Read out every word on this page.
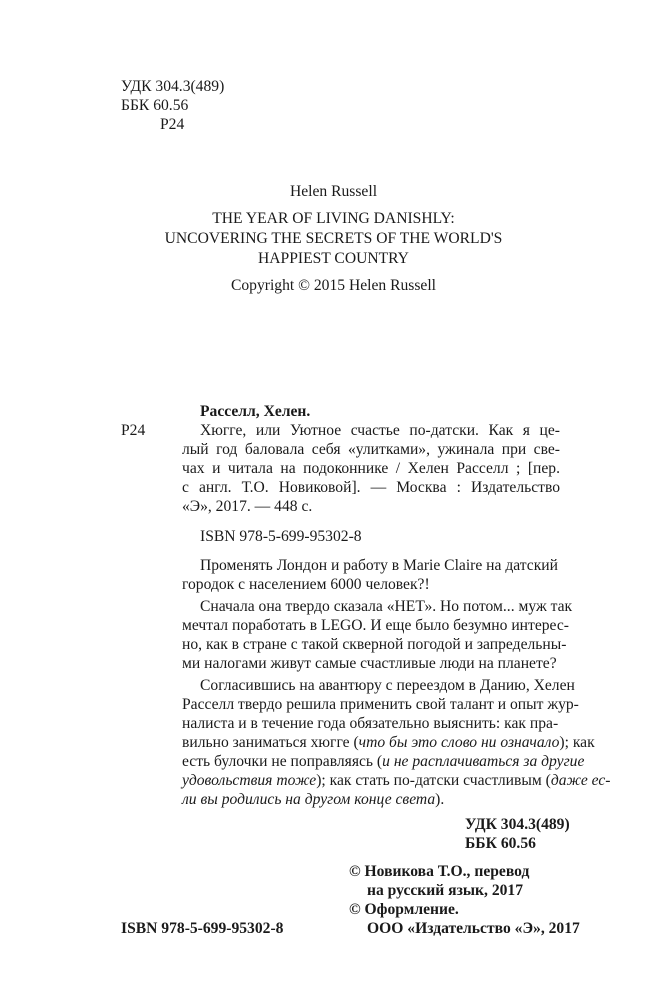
УДК 304.3(489)
ББК 60.56
Р24
Helen Russell
THE YEAR OF LIVING DANISHLY:
UNCOVERING THE SECRETS OF THE WORLD'S
HAPPIEST COUNTRY
Copyright © 2015 Helen Russell
Расселл, Хелен.
Р24	Хюгге, или Уютное счастье по-датски. Как я це-
лый год баловала себя «улитками», ужинала при све-
чах и читала на подоконнике / Хелен Расселл ; [пер.
с англ. Т.О. Новиковой]. — Москва : Издательство
«Э», 2017. — 448 с.
ISBN 978-5-699-95302-8
Променять Лондон и работу в Marie Claire на датский
городок с населением 6000 человек?!
Сначала она твердо сказала «НЕТ». Но потом... муж так
мечтал поработать в LEGO. И еще было безумно интерес-
но, как в стране с такой скверной погодой и запредельны-
ми налогами живут самые счастливые люди на планете?
Согласившись на авантюру с переездом в Данию, Хелен
Расселл твердо решила применить свой талант и опыт жур-
налиста и в течение года обязательно выяснить: как пра-
вильно заниматься хюгге (что бы это слово ни означало); как
есть булочки не поправляясь (и не расплачиваться за другие
удовольствия тоже); как стать по-датски счастливым (даже ес-
ли вы родились на другом конце света).
УДК 304.3(489)
ББК 60.56
© Новикова Т.О., перевод
на русский язык, 2017
© Оформление.
ISBN 978-5-699-95302-8	ООО «Издательство «Э», 2017
